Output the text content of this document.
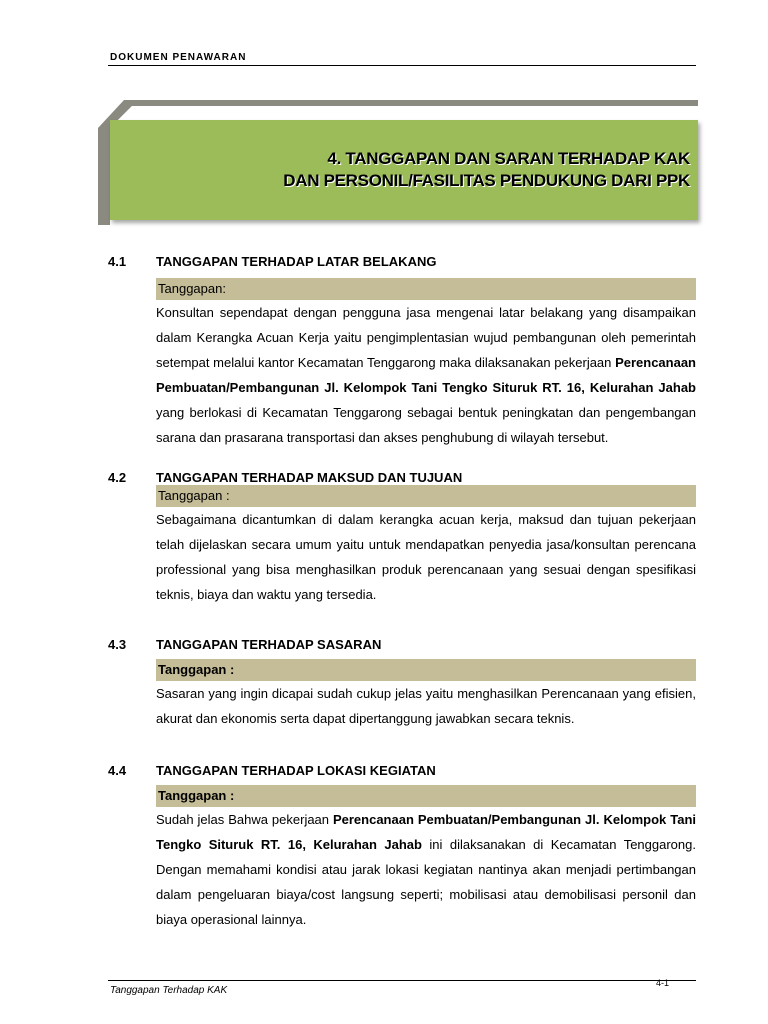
DOKUMEN PENAWARAN
4. TANGGAPAN DAN SARAN TERHADAP KAK
DAN PERSONIL/FASILITAS PENDUKUNG DARI PPK
4.1 TANGGAPAN TERHADAP LATAR BELAKANG
Tanggapan:
Konsultan sependapat dengan pengguna jasa mengenai latar belakang yang disampaikan dalam Kerangka Acuan Kerja yaitu pengimplentasian wujud pembangunan oleh pemerintah setempat melalui kantor Kecamatan Tenggarong maka dilaksanakan pekerjaan Perencanaan Pembuatan/Pembangunan Jl. Kelompok Tani Tengko Situruk RT. 16, Kelurahan Jahab yang berlokasi di Kecamatan Tenggarong sebagai bentuk peningkatan dan pengembangan sarana dan prasarana transportasi dan akses penghubung di wilayah tersebut.
4.2 TANGGAPAN TERHADAP MAKSUD DAN TUJUAN
Tanggapan :
Sebagaimana dicantumkan di dalam kerangka acuan kerja, maksud dan tujuan pekerjaan telah dijelaskan secara umum yaitu untuk mendapatkan penyedia jasa/konsultan perencana professional yang bisa menghasilkan produk perencanaan yang sesuai dengan spesifikasi teknis, biaya dan waktu yang tersedia.
4.3 TANGGAPAN TERHADAP SASARAN
Tanggapan :
Sasaran yang ingin dicapai sudah cukup jelas yaitu menghasilkan Perencanaan yang efisien, akurat dan ekonomis serta dapat dipertanggung jawabkan secara teknis.
4.4 TANGGAPAN TERHADAP LOKASI KEGIATAN
Tanggapan :
Sudah jelas Bahwa pekerjaan Perencanaan Pembuatan/Pembangunan Jl. Kelompok Tani Tengko Situruk RT. 16, Kelurahan Jahab ini dilaksanakan di Kecamatan Tenggarong. Dengan memahami kondisi atau jarak lokasi kegiatan nantinya akan menjadi pertimbangan dalam pengeluaran biaya/cost langsung seperti; mobilisasi atau demobilisasi personil dan biaya operasional lainnya.
Tanggapan Terhadap KAK
4-1
